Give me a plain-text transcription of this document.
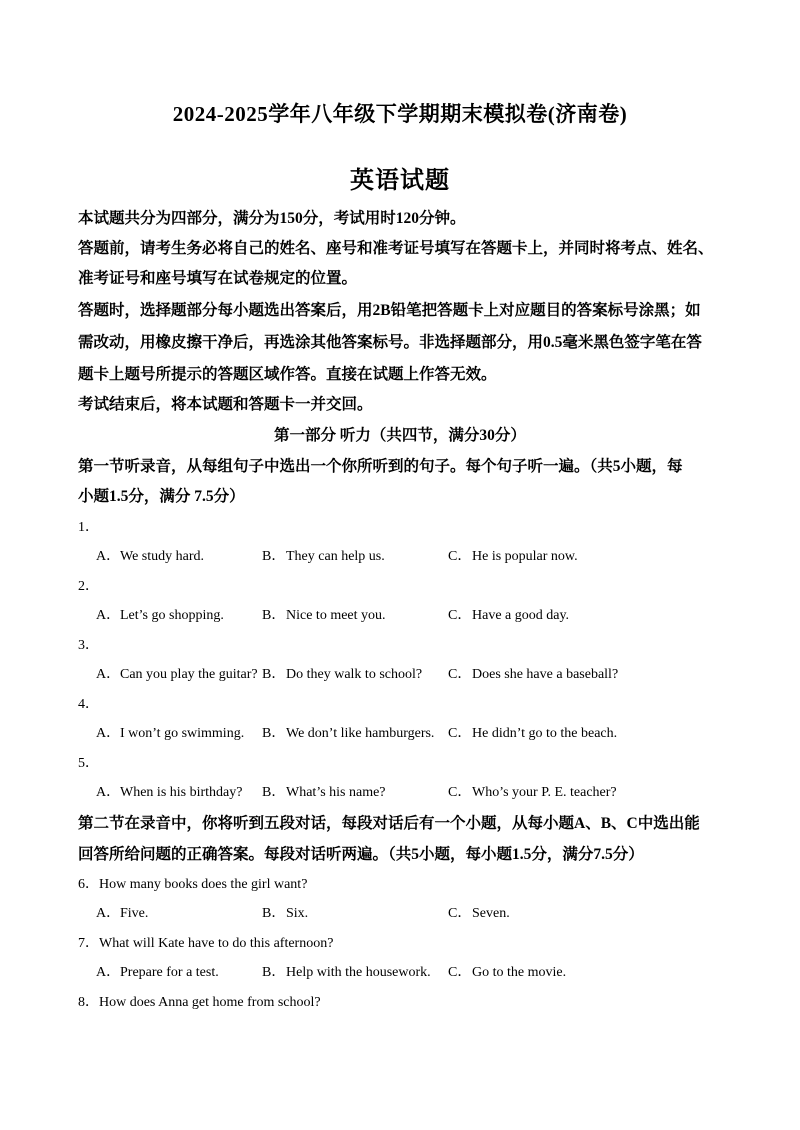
2024-2025学年八年级下学期期末模拟卷(济南卷)
英语试题
本试题共分为四部分，满分为150分，考试用时120分钟。
答题前，请考生务必将自己的姓名、座号和准考证号填写在答题卡上，并同时将考点、姓名、
准考证号和座号填写在试卷规定的位置。
答题时，选择题部分每小题选出答案后，用2B铅笔把答题卡上对应题目的答案标号涂黑；如
需改动，用橡皮擦干净后，再选涂其他答案标号。非选择题部分，用0.5毫米黑色签字笔在答
题卡上题号所提示的答题区域作答。直接在试题上作答无效。
考试结束后，将本试题和答题卡一并交回。
第一部分 听力（共四节，满分30分）
第一节听录音，从每组句子中选出一个你所听到的句子。每个句子听一遍。（共5小题，每
小题1.5分，满分 7.5分）
1．
A．We study hard.	B．They can help us.	C．He is popular now.
2．
A．Let’s go shopping.	B．Nice to meet you.	C．Have a good day.
3．
A．Can you play the guitar? B．Do they walk to school? C．Does she have a baseball?
4．
A．I won’t go swimming. B．We don’t like hamburgers. C．He didn’t go to the beach.
5．
A．When is his birthday? B．What’s his name?	C．Who’s your P. E. teacher?
第二节在录音中，你将听到五段对话，每段对话后有一个小题，从每小题A、B、C中选出能
回答所给问题的正确答案。每段对话听两遍。（共5小题，每小题1.5分，满分7.5分）
6．How many books does the girl want?
A．Five.	B．Six.	C．Seven.
7．What will Kate have to do this afternoon?
A．Prepare for a test.	B．Help with the housework. C．Go to the movie.
8．How does Anna get home from school?
